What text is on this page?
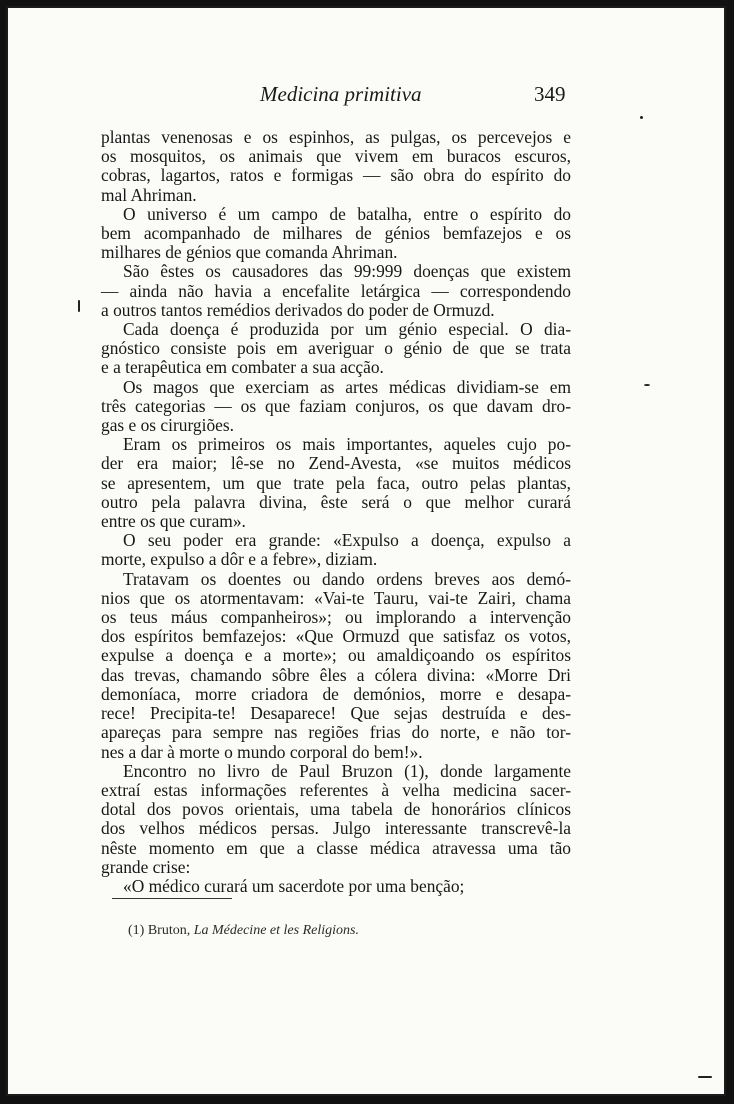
Medicina primitiva	349
plantas venenosas e os espinhos, as pulgas, os percevejos e
os mosquitos, os animais que vivem em buracos escuros,
cobras, lagartos, ratos e formigas — são obra do espírito do
mal Ahriman.
O universo é um campo de batalha, entre o espírito do
bem acompanhado de milhares de génios bemfazejos e os
milhares de génios que comanda Ahriman.
São êstes os causadores das 99:999 doenças que existem
— ainda não havia a encefalite letárgica — correspondendo
a outros tantos remédios derivados do poder de Ormuzd.
Cada doença é produzida por um génio especial. O dia-
gnóstico consiste pois em averiguar o génio de que se trata
e a terapêutica em combater a sua acção.
Os magos que exerciam as artes médicas dividiam-se em
três categorias — os que faziam conjuros, os que davam dro-
gas e os cirurgiões.
Eram os primeiros os mais importantes, aqueles cujo po-
der era maior; lê-se no Zend-Avesta, «se muitos médicos
se apresentem, um que trate pela faca, outro pelas plantas,
outro pela palavra divina, êste será o que melhor curará
entre os que curam».
O seu poder era grande: «Expulso a doença, expulso a
morte, expulso a dôr e a febre», diziam.
Tratavam os doentes ou dando ordens breves aos demó-
nios que os atormentavam: «Vai-te Tauru, vai-te Zairi, chama
os teus máus companheiros»; ou implorando a intervenção
dos espíritos bemfazejos: «Que Ormuzd que satisfaz os votos,
expulse a doença e a morte»; ou amaldiçoando os espíritos
das trevas, chamando sôbre êles a cólera divina: «Morre Dri
demoníaca, morre criadora de demónios, morre e desapa-
rece! Precipita-te! Desaparece! Que sejas destruída e des-
apareças para sempre nas regiões frias do norte, e não tor-
nes a dar à morte o mundo corporal do bem!».
Encontro no livro de Paul Bruzon (1), donde largamente
extraí estas informações referentes à velha medicina sacer-
dotal dos povos orientais, uma tabela de honorários clínicos
dos velhos médicos persas. Julgo interessante transcrevê-la
nêste momento em que a classe médica atravessa uma tão
grande crise:
«O médico curará um sacerdote por uma benção;
(1) Bruton, La Médecine et les Religions.
